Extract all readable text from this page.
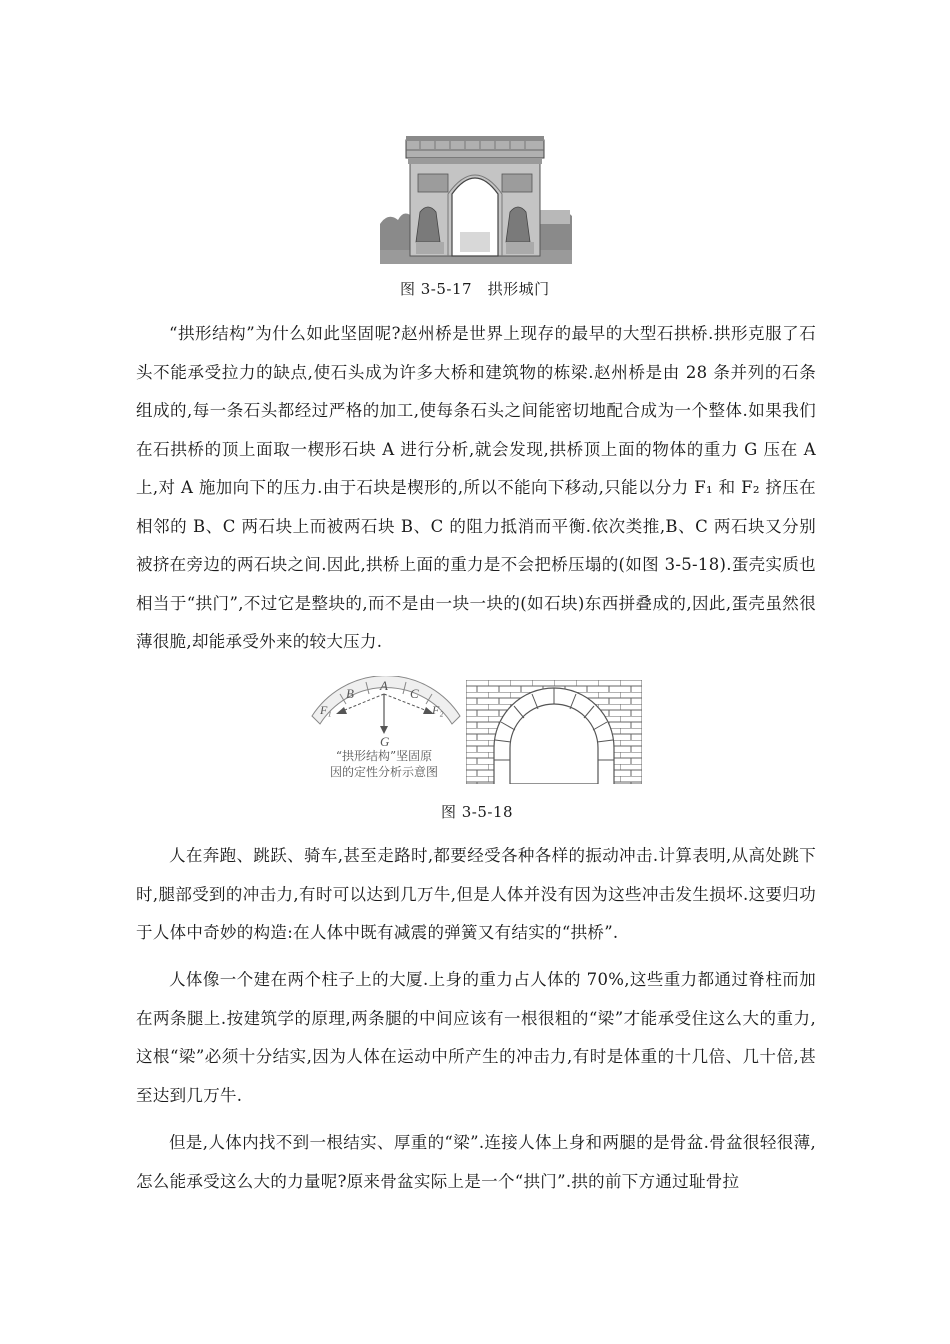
图 3-5-17　拱形城门

“拱形结构”为什么如此坚固呢?赵州桥是世界上现存的最早的大型石拱桥.拱形克服了石头不能承受拉力的缺点,使石头成为许多大桥和建筑物的栋梁.赵州桥是由 28 条并列的石条组成的,每一条石头都经过严格的加工,使每条石头之间能密切地配合成为一个整体.如果我们在石拱桥的顶上面取一楔形石块 A 进行分析,就会发现,拱桥顶上面的物体的重力 G 压在 A 上,对 A 施加向下的压力.由于石块是楔形的,所以不能向下移动,只能以分力 F₁ 和 F₂ 挤压在相邻的 B、C 两石块上而被两石块 B、C 的阻力抵消而平衡.依次类推,B、C 两石块又分别被挤在旁边的两石块之间.因此,拱桥上面的重力是不会把桥压塌的(如图 3-5-18).蛋壳实质也相当于“拱门”,不过它是整块的,而不是由一块一块的(如石块)东西拼叠成的,因此,蛋壳虽然很薄很脆,却能承受外来的较大压力.

A
B	C
F₁	F₂
G
“拱形结构”坚固原
因的定性分析示意图
图 3-5-18

人在奔跑、跳跃、骑车,甚至走路时,都要经受各种各样的振动冲击.计算表明,从高处跳下时,腿部受到的冲击力,有时可以达到几万牛,但是人体并没有因为这些冲击发生损坏.这要归功于人体中奇妙的构造:在人体中既有减震的弹簧又有结实的“拱桥”.

人体像一个建在两个柱子上的大厦.上身的重力占人体的 70%,这些重力都通过脊柱而加在两条腿上.按建筑学的原理,两条腿的中间应该有一根很粗的“梁”才能承受住这么大的重力,这根“梁”必须十分结实,因为人体在运动中所产生的冲击力,有时是体重的十几倍、几十倍,甚至达到几万牛.

但是,人体内找不到一根结实、厚重的“梁”.连接人体上身和两腿的是骨盆.骨盆很轻很薄,怎么能承受这么大的力量呢?原来骨盆实际上是一个“拱门”.拱的前下方通过耻骨拉
